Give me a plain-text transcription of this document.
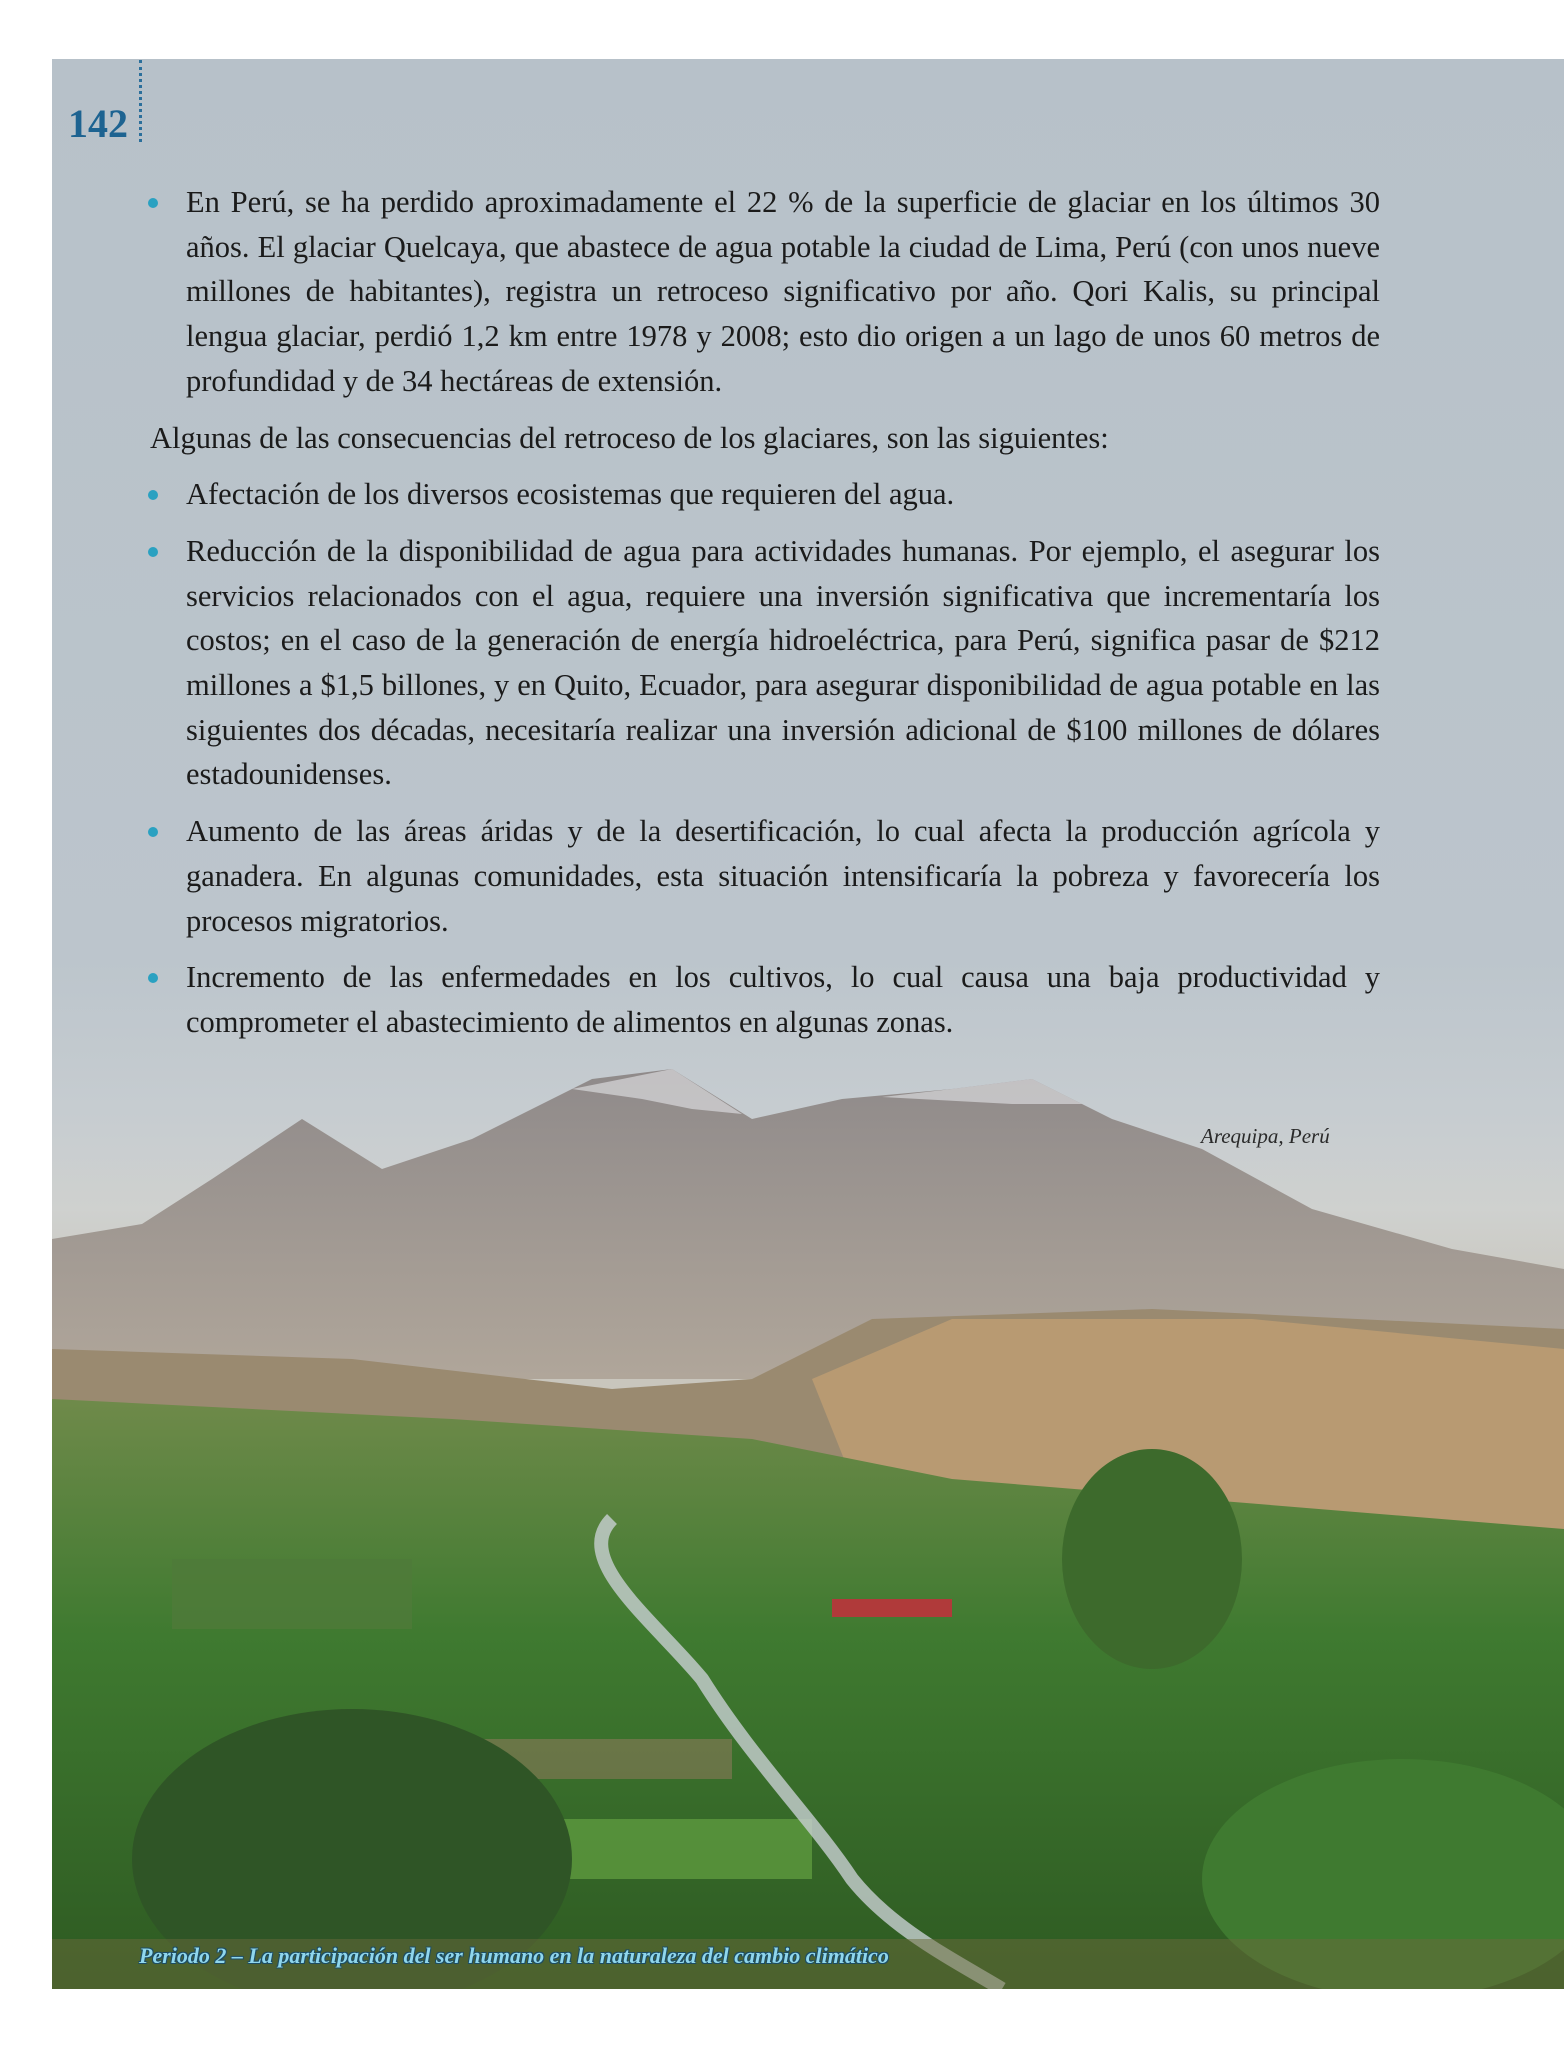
142
En Perú, se ha perdido aproximadamente el 22 % de la superficie de glaciar en los últimos 30 años. El glaciar Quelcaya, que abastece de agua potable la ciudad de Lima, Perú (con unos nueve millones de habitantes), registra un retroceso significativo por año. Qori Kalis, su principal lengua glaciar, perdió 1,2 km entre 1978 y 2008; esto dio origen a un lago de unos 60 metros de profundidad y de 34 hectáreas de extensión.
Algunas de las consecuencias del retroceso de los glaciares, son las siguientes:
Afectación de los diversos ecosistemas que requieren del agua.
Reducción de la disponibilidad de agua para actividades humanas. Por ejemplo, el asegurar los servicios relacionados con el agua, requiere una inversión significativa que incrementaría los costos; en el caso de la generación de energía hidroeléctrica, para Perú, significa pasar de $212 millones a $1,5 billones, y en Quito, Ecuador, para asegurar disponibilidad de agua potable en las siguientes dos décadas, necesitaría realizar una inversión adicional de $100 millones de dólares estadounidenses.
Aumento de las áreas áridas y de la desertificación, lo cual afecta la producción agrícola y ganadera. En algunas comunidades, esta situación intensificaría la pobreza y favorecería los procesos migratorios.
Incremento de las enfermedades en los cultivos, lo cual causa una baja productividad y comprometer el abastecimiento de alimentos en algunas zonas.
Arequipa, Perú
Periodo 2 – La participación del ser humano en la naturaleza del cambio climático
